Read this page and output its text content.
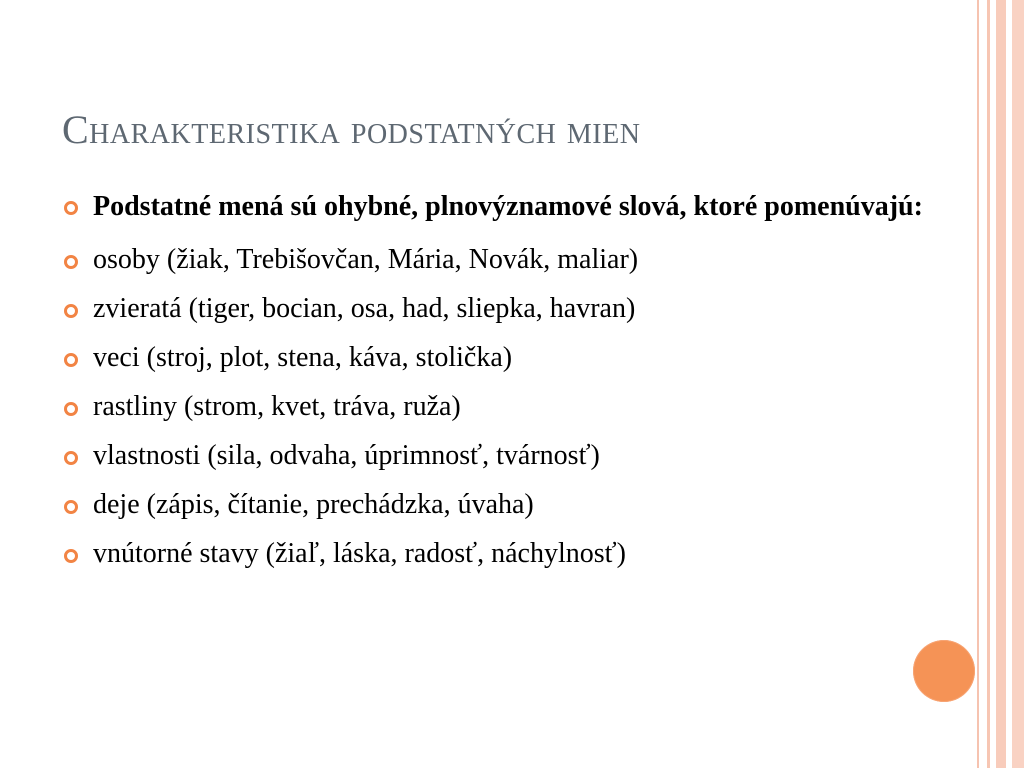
Charakteristika podstatných mien
Podstatné mená sú ohybné, plnovýznamové slová, ktoré pomenúvajú:
osoby (žiak, Trebišovčan, Mária, Novák, maliar)
zvieratá (tiger, bocian, osa, had, sliepka, havran)
veci (stroj, plot, stena, káva, stolička)
rastliny (strom, kvet, tráva, ruža)
vlastnosti (sila, odvaha, úprimnosť, tvárnosť)
deje (zápis, čítanie, prechádzka, úvaha)
vnútorné stavy (žiaľ, láska, radosť, náchylnosť)
